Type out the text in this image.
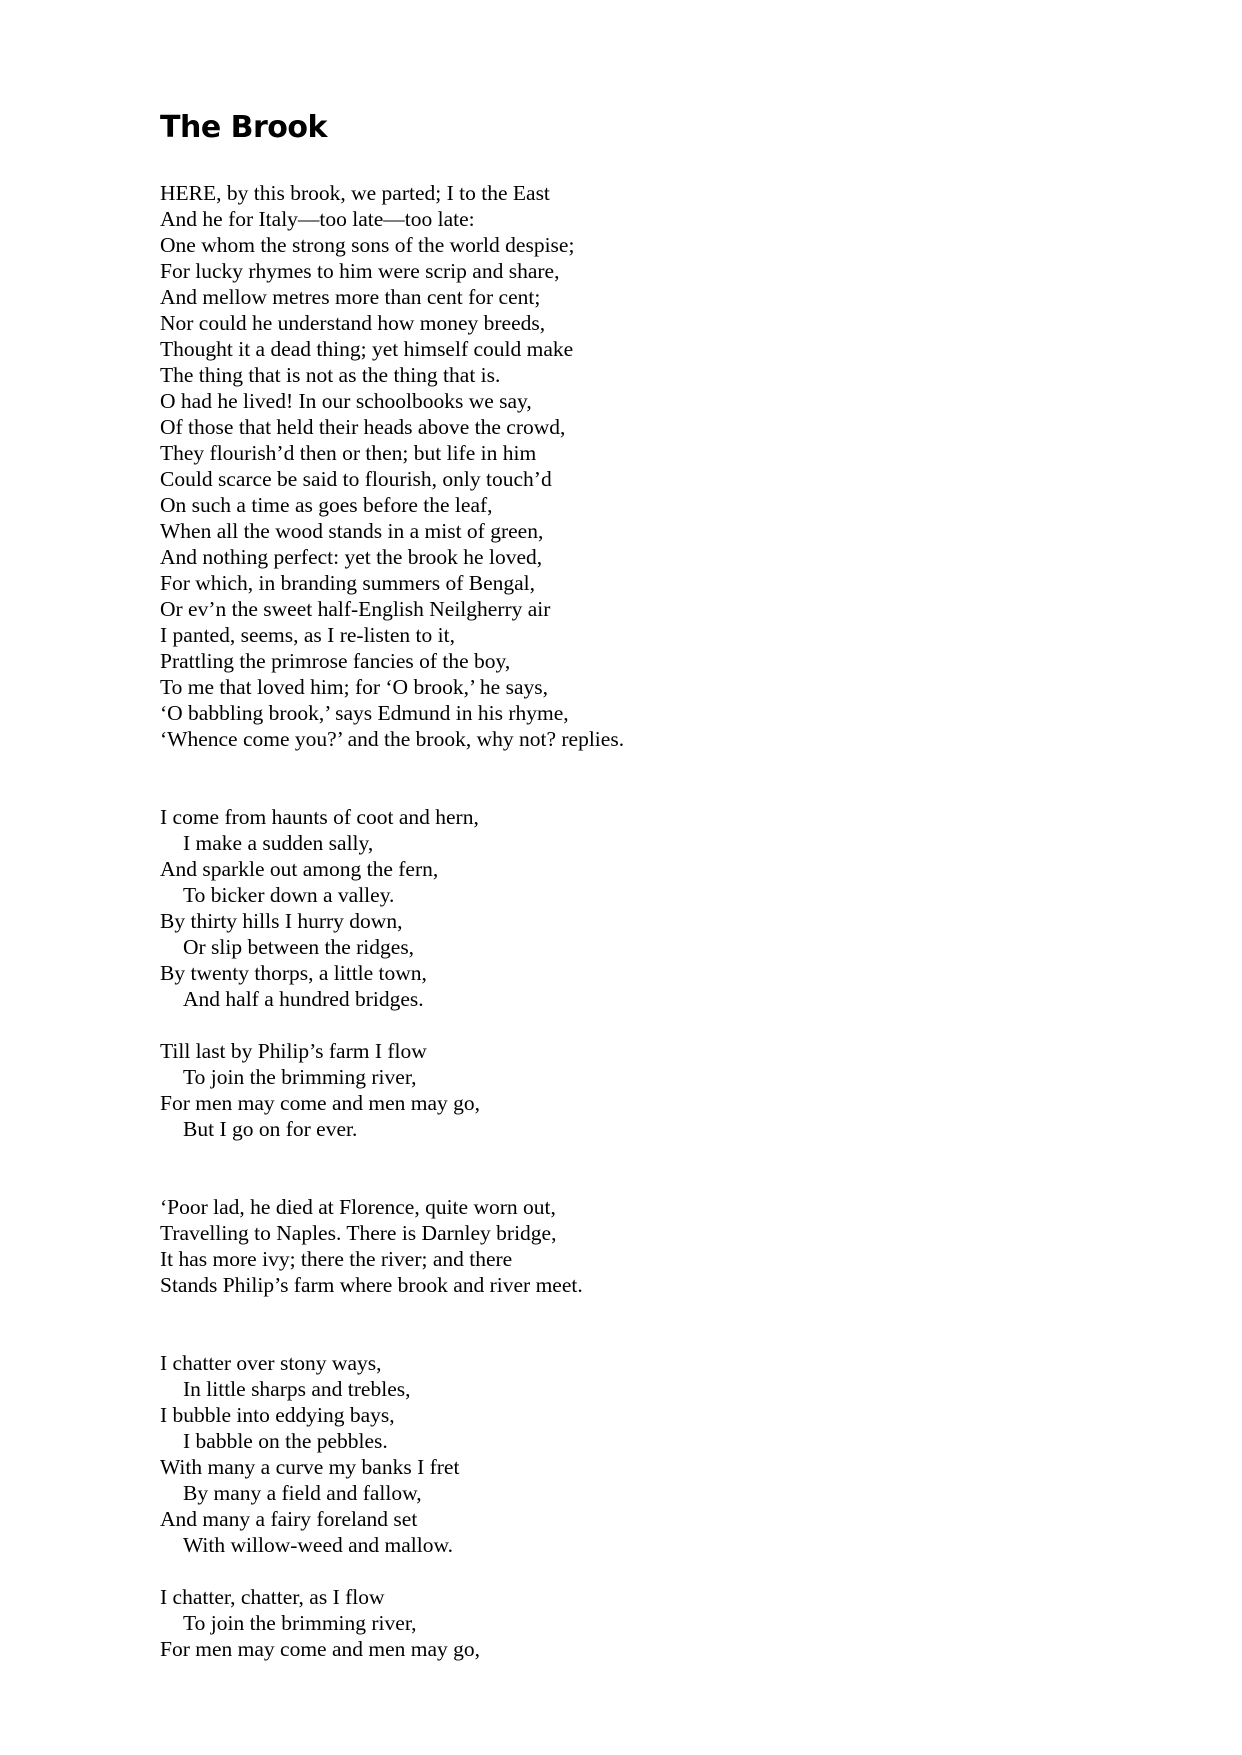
The Brook
HERE, by this brook, we parted; I to the East
And he for Italy—too late—too late:
One whom the strong sons of the world despise;
For lucky rhymes to him were scrip and share,
And mellow metres more than cent for cent;
Nor could he understand how money breeds,
Thought it a dead thing; yet himself could make
The thing that is not as the thing that is.
O had he lived! In our schoolbooks we say,
Of those that held their heads above the crowd,
They flourish’d then or then; but life in him
Could scarce be said to flourish, only touch’d
On such a time as goes before the leaf,
When all the wood stands in a mist of green,
And nothing perfect: yet the brook he loved,
For which, in branding summers of Bengal,
Or ev’n the sweet half-English Neilgherry air
I panted, seems, as I re-listen to it,
Prattling the primrose fancies of the boy,
To me that loved him; for ‘O brook,’ he says,
‘O babbling brook,’ says Edmund in his rhyme,
‘Whence come you?’ and the brook, why not? replies.
I come from haunts of coot and hern,
I make a sudden sally,
And sparkle out among the fern,
To bicker down a valley.
By thirty hills I hurry down,
Or slip between the ridges,
By twenty thorps, a little town,
And half a hundred bridges.
Till last by Philip’s farm I flow
To join the brimming river,
For men may come and men may go,
But I go on for ever.
‘Poor lad, he died at Florence, quite worn out,
Travelling to Naples. There is Darnley bridge,
It has more ivy; there the river; and there
Stands Philip’s farm where brook and river meet.
I chatter over stony ways,
In little sharps and trebles,
I bubble into eddying bays,
I babble on the pebbles.
With many a curve my banks I fret
By many a field and fallow,
And many a fairy foreland set
With willow-weed and mallow.
I chatter, chatter, as I flow
To join the brimming river,
For men may come and men may go,
